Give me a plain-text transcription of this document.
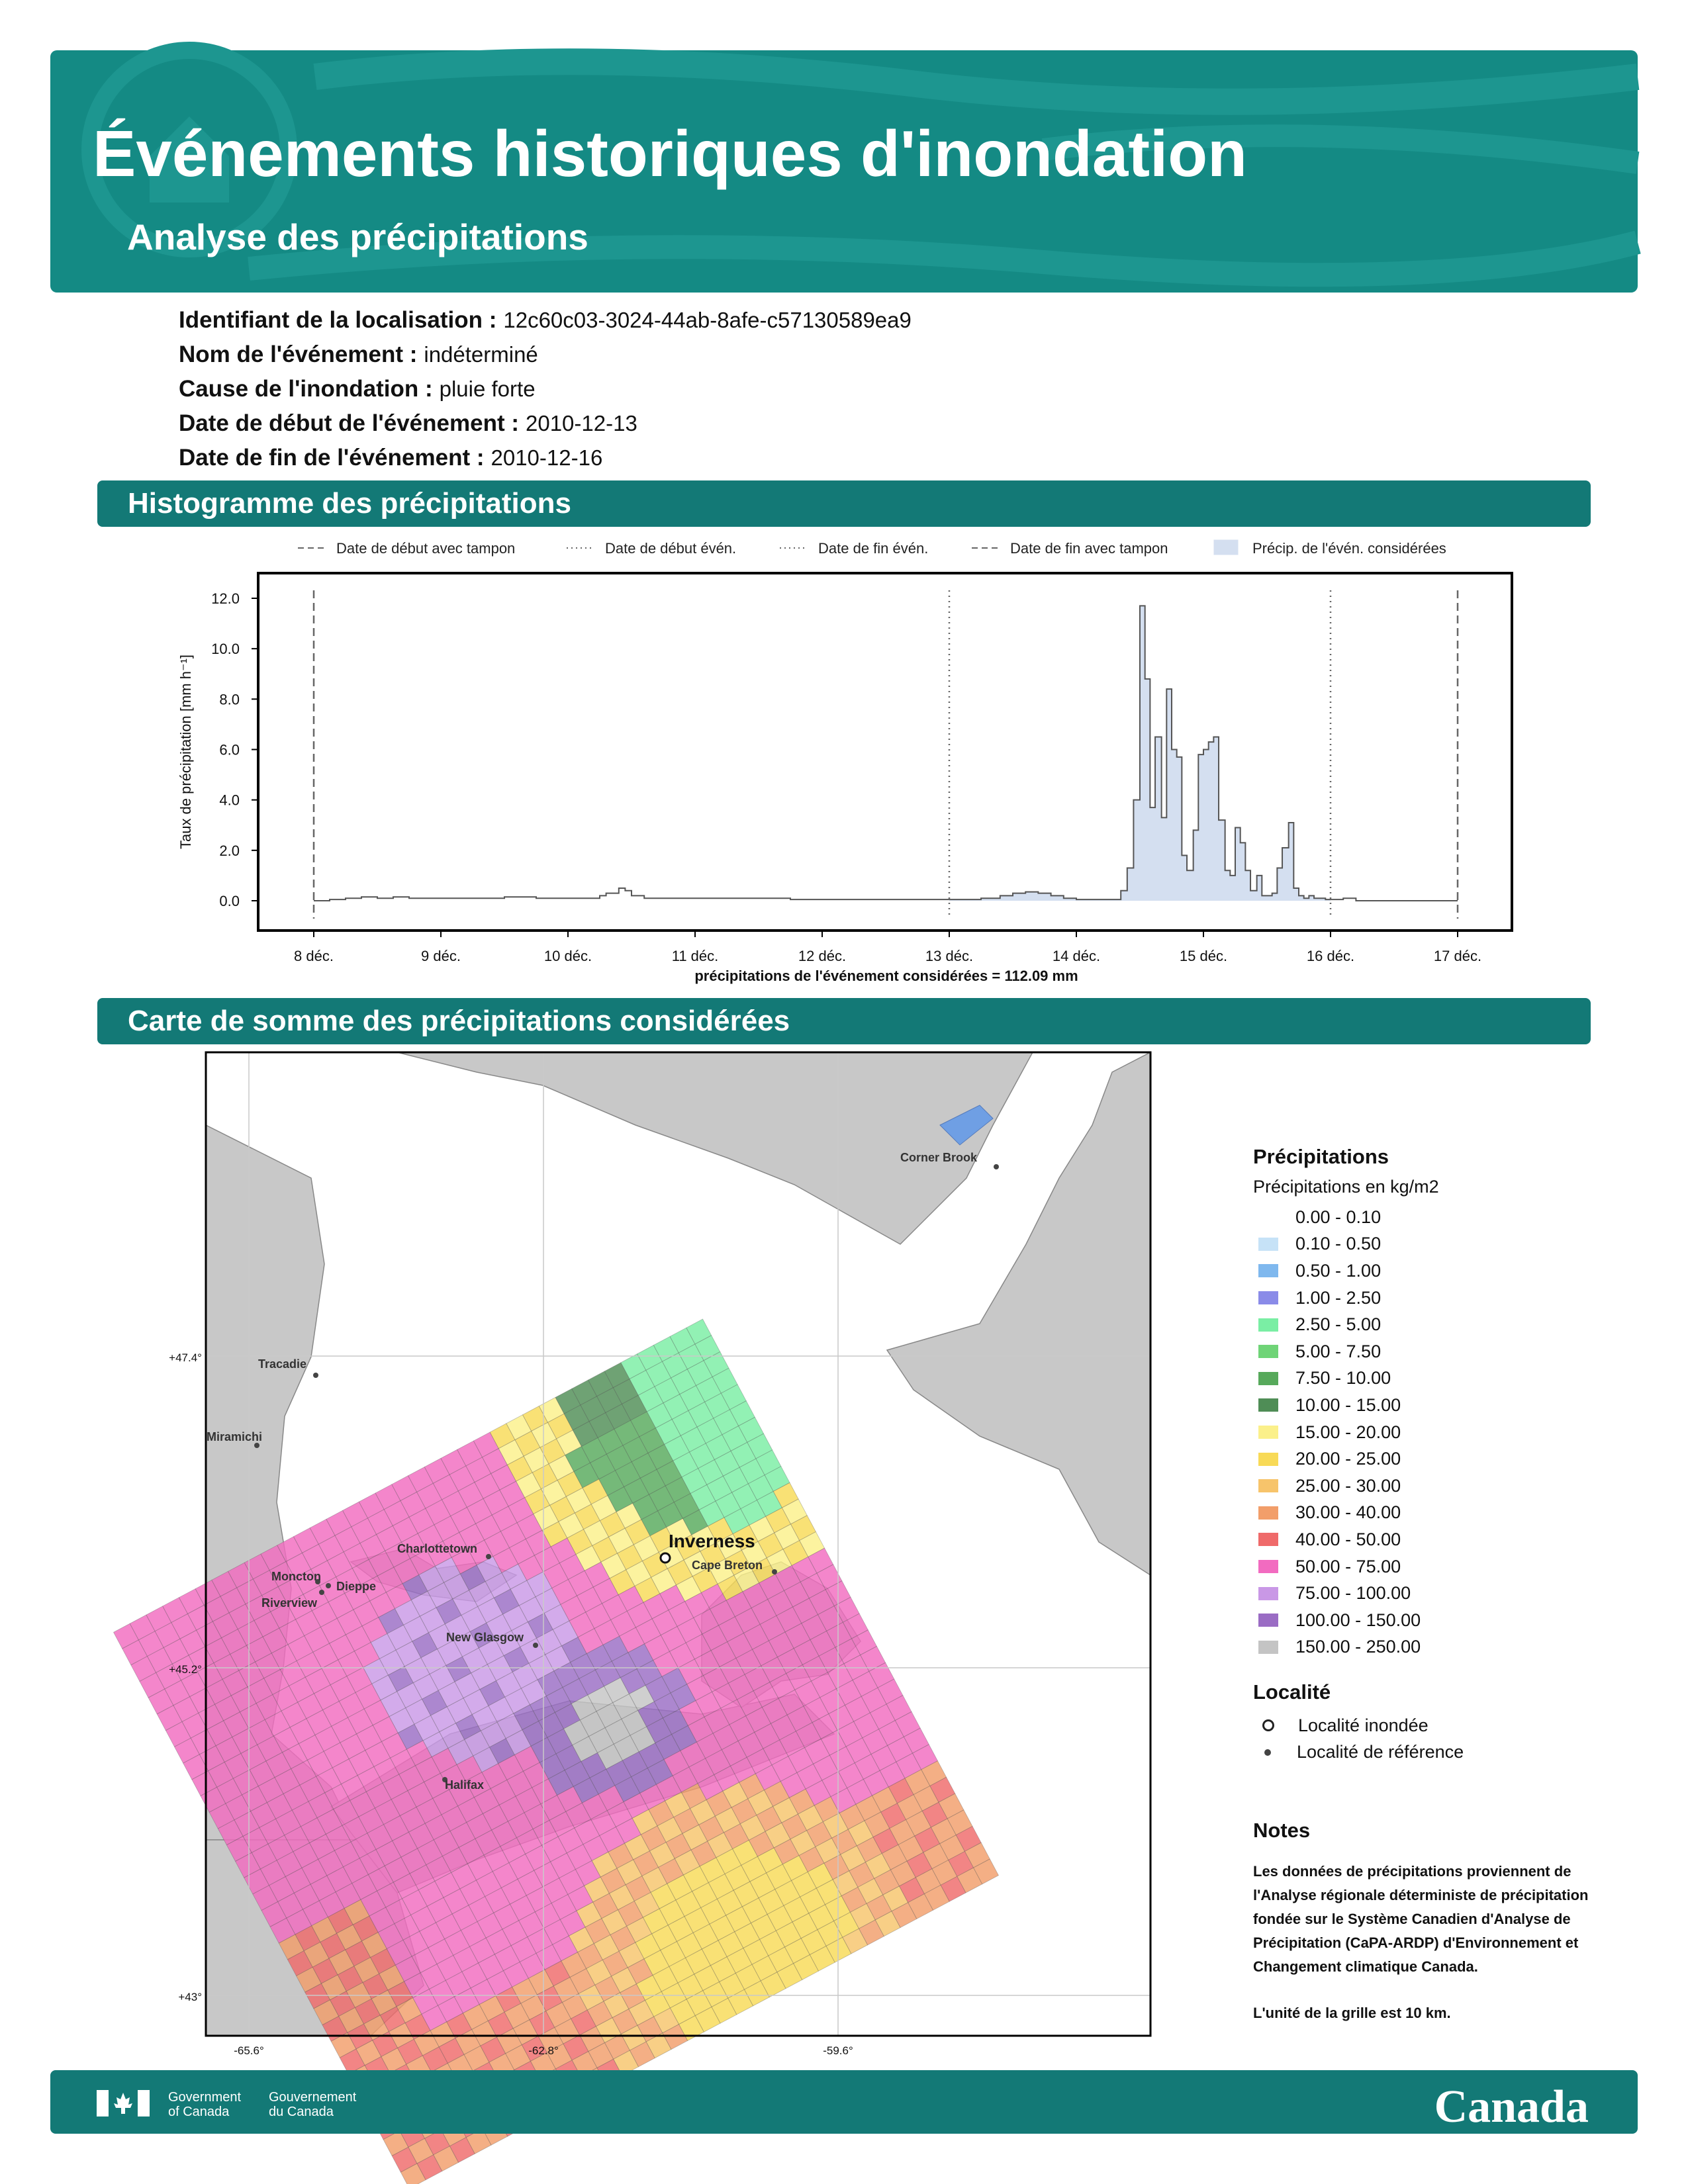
Événements historiques d'inondation
Analyse des précipitations
Identifiant de la localisation : 12c60c03-3024-44ab-8afe-c57130589ea9
Nom de l'événement : indéterminé
Cause de l'inondation : pluie forte
Date de début de l'événement : 2010-12-13
Date de fin de l'événement : 2010-12-16
Histogramme des précipitations
Date de début avec tampon	Date de début évén.	Date de fin évén.	Date de fin avec tampon	Précip. de l'évén. considérées
0.0
2.0
4.0
6.0
8.0
10.0
12.0
8 déc.	9 déc.	10 déc.	11 déc.	12 déc.	13 déc.	14 déc.	15 déc.	16 déc.	17 déc.
Taux de précipitation [mm h⁻¹]
précipitations de l'événement considérées = 112.09 mm
Carte de somme des précipitations considérées
+47.4°
+45.2°
+43°
-65.6°	-62.8°	-59.6°
Corner Brook
Tracadie
Miramichi
Charlottetown	Inverness
Cape Breton
Moncton
Dieppe
Riverview
New Glasgow
Halifax
Précipitations
Précipitations en kg/m2
0.00 - 0.10
0.10 - 0.50
0.50 - 1.00
1.00 - 2.50
2.50 - 5.00
5.00 - 7.50
7.50 - 10.00
10.00 - 15.00
15.00 - 20.00
20.00 - 25.00
25.00 - 30.00
30.00 - 40.00
40.00 - 50.00
50.00 - 75.00
75.00 - 100.00
100.00 - 150.00
150.00 - 250.00
Localité
Localité inondée
Localité de référence
Notes
Les données de précipitations proviennent de l'Analyse régionale déterministe de précipitation fondée sur le Système Canadien d'Analyse de Précipitation (CaPA-ARDP) d'Environnement et Changement climatique Canada.
L'unité de la grille est 10 km.
Government
of Canada
Gouvernement
du Canada	Canada
